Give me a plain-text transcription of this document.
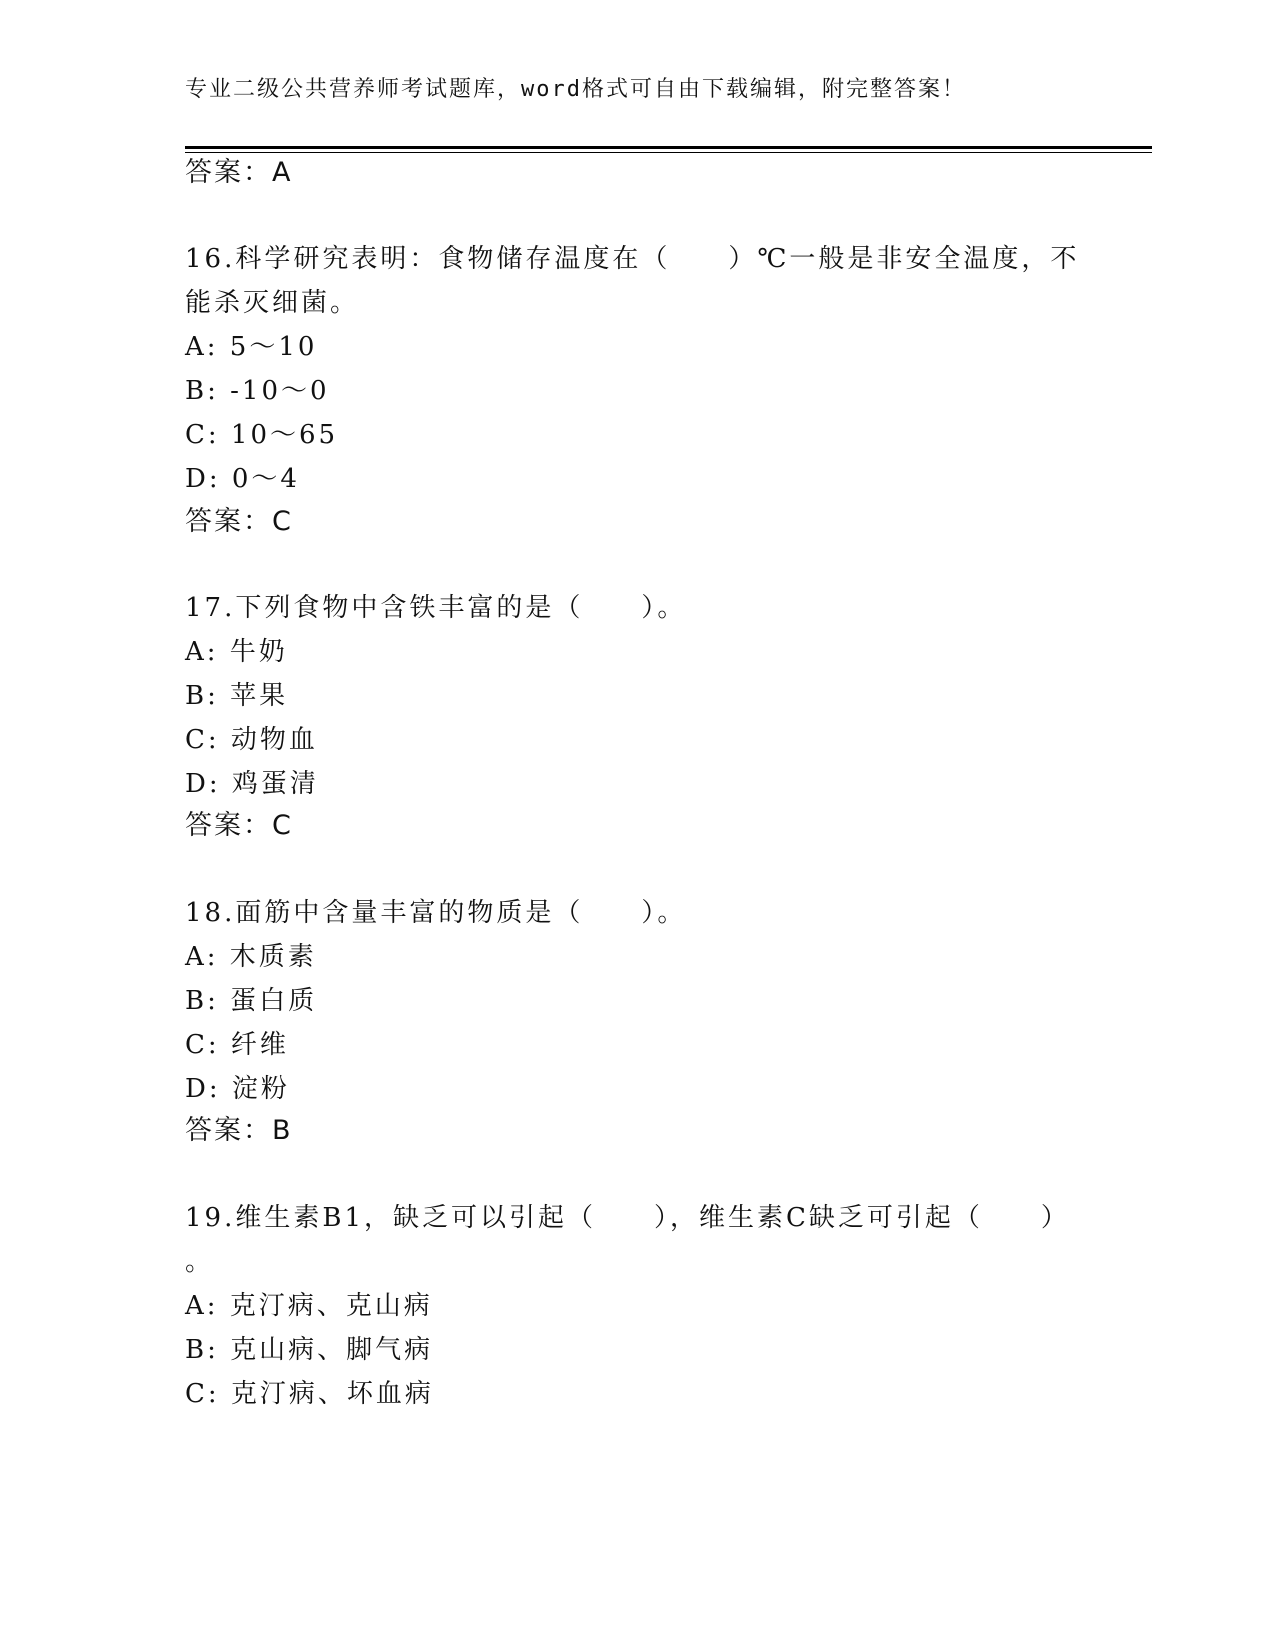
专业二级公共营养师考试题库，word格式可自由下载编辑，附完整答案！
答案：A
16.科学研究表明：食物储存温度在（　　）℃一般是非安全温度，不
能杀灭细菌。
A: 5～10
B: -10～0
C: 10～65
D: 0～4
答案：C
17.下列食物中含铁丰富的是（　　）。
A: 牛奶
B: 苹果
C: 动物血
D: 鸡蛋清
答案：C
18.面筋中含量丰富的物质是（　　）。
A: 木质素
B: 蛋白质
C: 纤维
D: 淀粉
答案：B
19.维生素B1，缺乏可以引起（　　），维生素C缺乏可引起（　　）
。
A: 克汀病、克山病
B: 克山病、脚气病
C: 克汀病、坏血病
